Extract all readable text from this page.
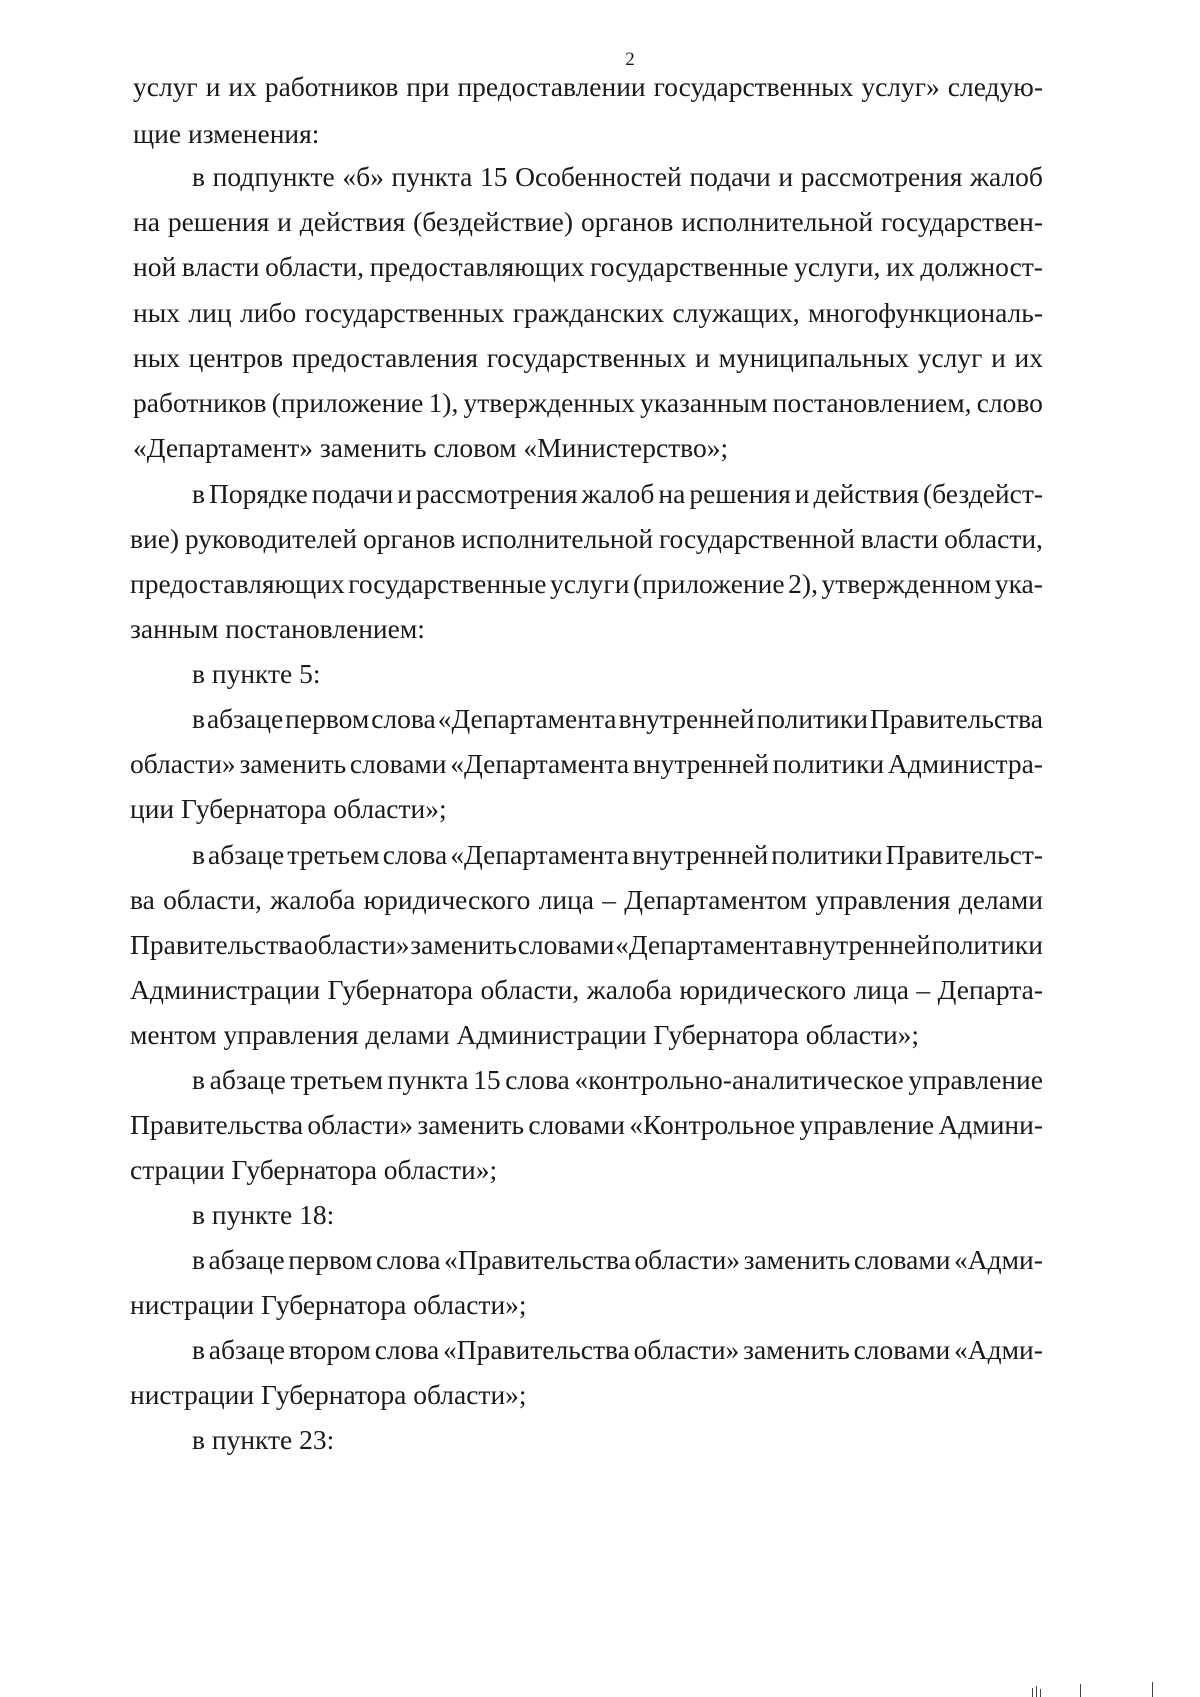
2
услуг и их работников при предоставлении государственных услуг» следую-
щие изменения:
в подпункте «б» пункта 15 Особенностей подачи и рассмотрения жалоб
на решения и действия (бездействие) органов исполнительной государствен-
ной власти области, предоставляющих государственные услуги, их должност-
ных лиц либо государственных гражданских служащих, многофункциональ-
ных центров предоставления государственных и муниципальных услуг и их
работников (приложение 1), утвержденных указанным постановлением, слово
«Департамент» заменить словом «Министерство»;
в Порядке подачи и рассмотрения жалоб на решения и действия (бездейст-
вие) руководителей органов исполнительной государственной власти области,
предоставляющих государственные услуги (приложение 2), утвержденном ука-
занным постановлением:
в пункте 5:
в абзаце первом слова «Департамента внутренней политики Правительства
области» заменить словами «Департамента внутренней политики Администра-
ции Губернатора области»;
в абзаце третьем слова «Департамента внутренней политики Правительст-
ва области, жалоба юридического лица – Департаментом управления делами
Правительства области» заменить словами «Департамента внутренней политики
Администрации Губернатора области, жалоба юридического лица – Департа-
ментом управления делами Администрации Губернатора области»;
в абзаце третьем пункта 15 слова «контрольно-аналитическое управление
Правительства области» заменить словами «Контрольное управление Админи-
страции Губернатора области»;
в пункте 18:
в абзаце первом слова «Правительства области» заменить словами «Адми-
нистрации Губернатора области»;
в абзаце втором слова «Правительства области» заменить словами «Адми-
нистрации Губернатора области»;
в пункте 23:
